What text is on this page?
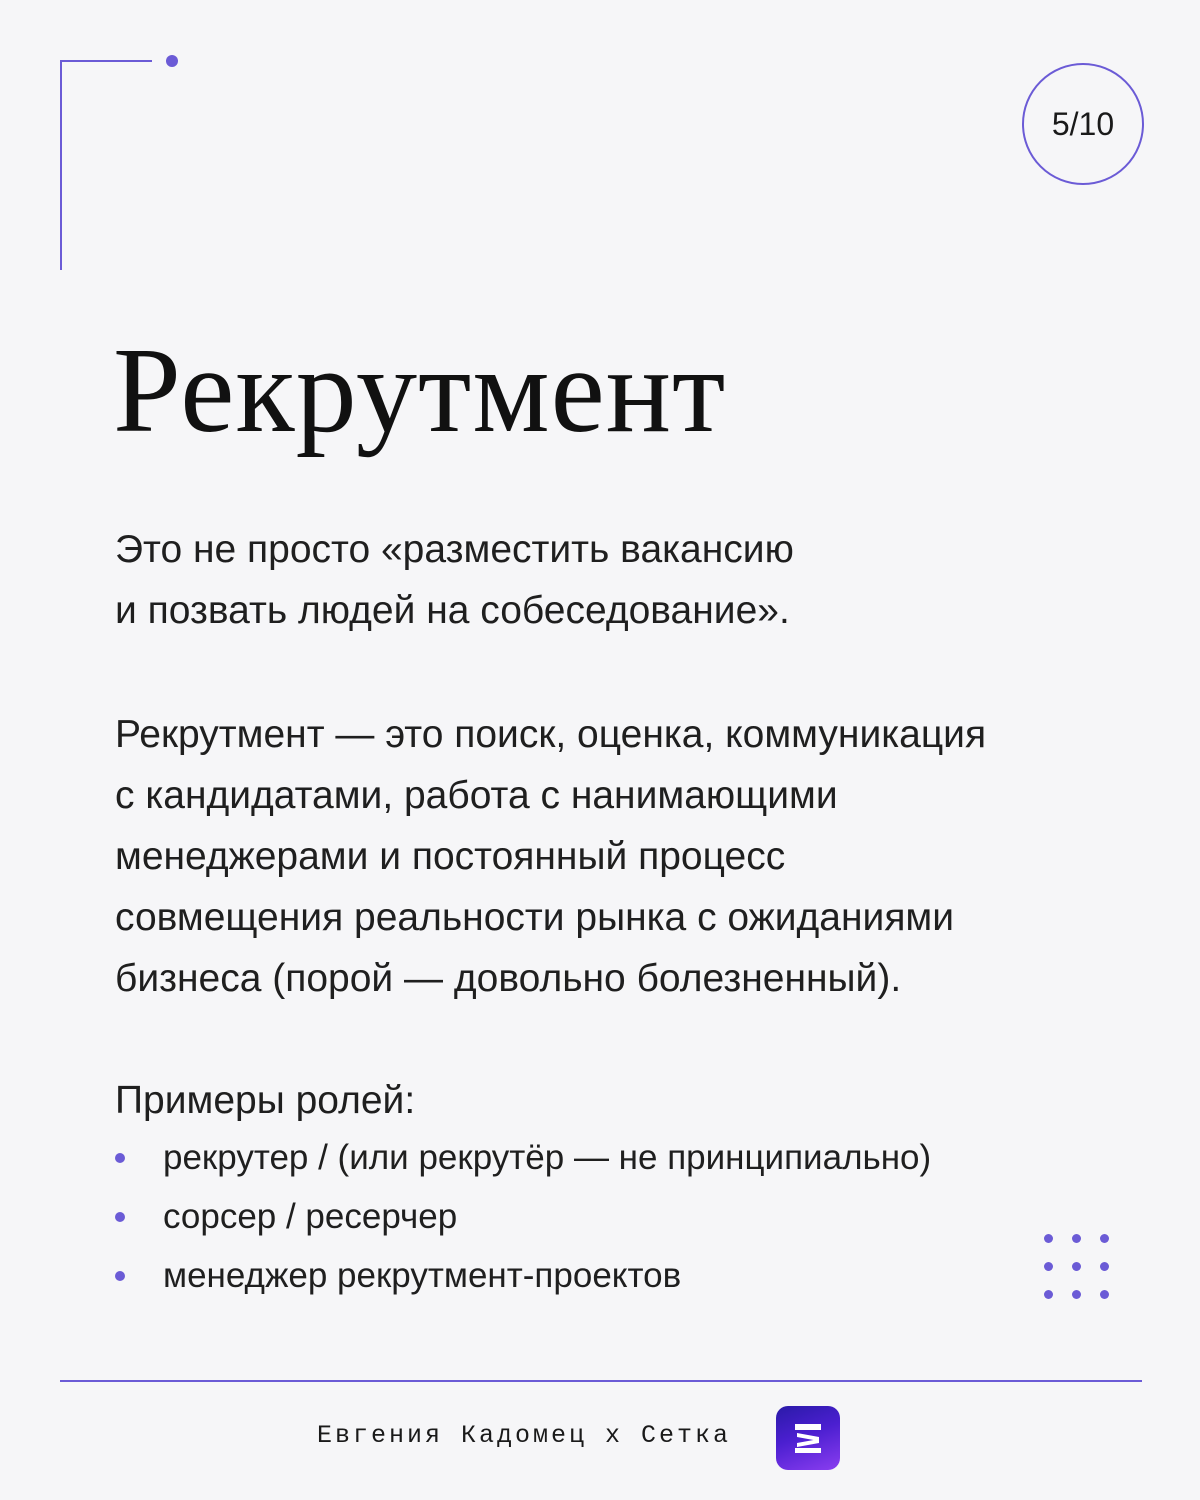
5/10
Рекрутмент

Это не просто «разместить вакансию
и позвать людей на собеседование».

Рекрутмент — это поиск, оценка, коммуникация
с кандидатами, работа с нанимающими
менеджерами и постоянный процесс
совмещения реальности рынка с ожиданиями
бизнеса (порой — довольно болезненный).

Примеры ролей:

рекрутер / (или рекрутёр — не принципиально)
сорсер / ресерчер
менеджер рекрутмент-проектов
Евгения Кадомец х Сетка
